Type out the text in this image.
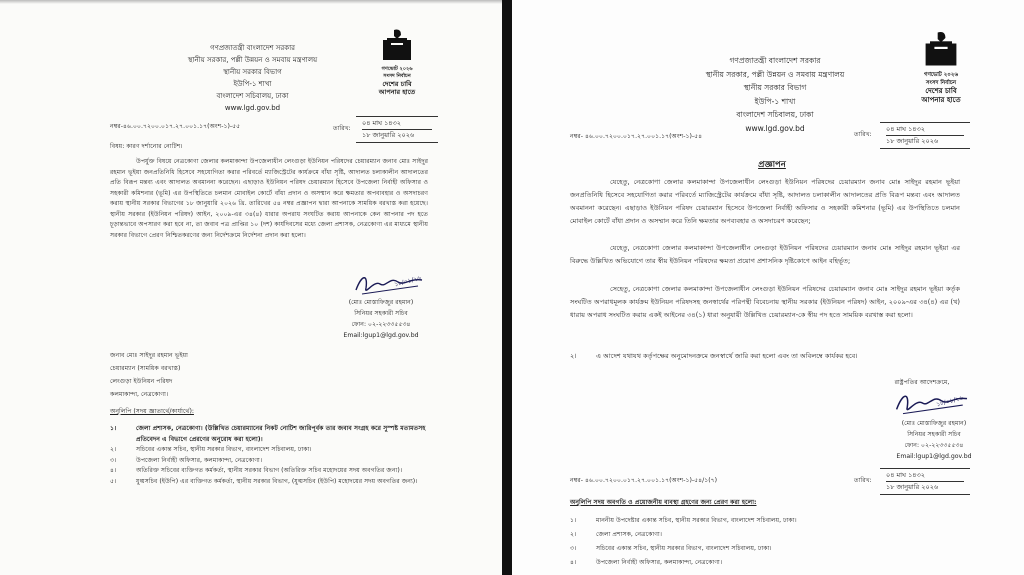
গণপ্রজাতন্ত্রী বাংলাদেশ সরকার
স্থানীয় সরকার, পল্লী উন্নয়ন ও সমবায় মন্ত্রণালয়
স্থানীয় সরকার বিভাগ
ইউপি-১ শাখা
বাংলাদেশ সচিবালয়, ঢাকা
www.lgd.gov.bd
গণভোট ২০২৬
সংসদ নির্বাচন
দেশের চাবি
আপনার হাতে
নম্বর-৪৬.০০.৭২০০.০১৭.২৭.০০১.১৭(অংশ-১)-৫৫	তারিখ:
০৪ মাঘ ১৪৩২
১৮ জানুয়ারি ২০২৬
বিষয়: কারণ দর্শানোর নোটিশ।
উপর্যুক্ত বিষয়ে নেত্রকোণা জেলার কলমাকান্দা উপজেলাধীন লেংগুড়া ইউনিয়ন পরিষদের চেয়ারম্যান জনাব মোঃ সাইদুর রহমান ভূইয়া জনপ্রতিনিধি হিসেবে সহযোগিতা করার পরিবর্তে ম্যাজিস্ট্রেটের কার্যক্রমে বাঁধা সৃষ্টি, আদালত চলাকালীন আদালতের প্রতি বিরূপ মন্তব্য এবং আদালত অবমাননা করেছেন। এছাড়াও ইউনিয়ন পরিষদ চেয়ারম্যান হিসেবে উপজেলা নির্বাহী অফিসার ও সহকারী কমিশনার (ভূমি) এর উপস্থিতিতে চলমান মোবাইল কোর্টে বাঁধা প্রদান ও অসম্মান করে ক্ষমতার অপব্যবহার ও অসদাচরণ করায় স্থানীয় সরকার বিভাগের ১৮ জানুয়ারি ২০২৬ খ্রি. তারিখের ৫৪ নম্বর প্রজ্ঞাপন দ্বারা আপনাকে সাময়িক বরখাস্ত করা হয়েছে। স্থানীয় সরকার (ইউনিয়ন পরিষদ) আইন, ২০০৯-এর ৩৪(৪) ধারার অপরাধ সংঘটিত করায় আপনাকে কেন আপনার পদ হতে চূড়ান্তভাবে অপসারণ করা হবে না, তা জবাব পত্র প্রাপ্তির ১০ (দশ) কার্যদিবসের মধ্যে জেলা প্রশাসক, নেত্রকোণা এর মাধ্যমে স্থানীয় সরকার বিভাগে প্রেরণ নিশ্চিতকরণের জন্য নির্দেশক্রমে নির্দেশনা প্রদান করা হলো।
১৮/০১/২৬
(মোঃ মোস্তাফিজুর রহমান)
সিনিয়র সহকারী সচিব
ফোন: ০২-২২৩৩৫৫৩৪
Email:lgup1@lgd.gov.bd
জনাব মোঃ সাইদুর রহমান ভূইয়া
চেয়ারম্যান (সাময়িক বরখাস্ত)
লেংগুড়া ইউনিয়ন পরিষদ
কলমাকান্দা, নেত্রকোণা।
অনুলিপি (সদয় জ্ঞাতার্থে/কার্যার্থে):
১।	জেলা প্রশাসক, নেত্রকোণা। (উল্লিখিত চেয়ারম্যানের নিকট নোটিশ জারিপূর্বক তার জবাব সংগ্রহ করে সুস্পষ্ট মতামতসহ প্রতিবেদন এ বিভাগে প্রেরণের অনুরোধ করা হলো)।
২।	সচিবের একান্ত সচিব, স্থানীয় সরকার বিভাগ, বাংলাদেশ সচিবালয়, ঢাকা।
৩।	উপজেলা নির্বাহী অফিসার, কলমাকান্দা, নেত্রকোণা।
৪।	অতিরিক্ত সচিবের ব্যক্তিগত কর্মকর্তা, স্থানীয় সরকার বিভাগ (অতিরিক্ত সচিব মহোদয়ের সদয় অবগতির জন্য)।
৫।	যুগ্মসচিব (ইউপি) এর ব্যক্তিগত কর্মকর্তা, স্থানীয় সরকার বিভাগ, (যুগ্মসচিব (ইউপি) মহোদয়ের সদয় অবগতির জন্য)।
গণপ্রজাতন্ত্রী বাংলাদেশ সরকার
স্থানীয় সরকার, পল্লী উন্নয়ন ও সমবায় মন্ত্রণালয়
স্থানীয় সরকার বিভাগ
ইউপি-১ শাখা
বাংলাদেশ সচিবালয়, ঢাকা
www.lgd.gov.bd
গণভোট ২০২৬
সংসদ নির্বাচন
দেশের চাবি
আপনার হাতে
নম্বর- ৪৬.০০.৭২০০.০১৭.২৭.০০১.১৭(অংশ-১)-৫৪	তারিখ:
০৪ মাঘ ১৪৩২
১৮ জানুয়ারি ২০২৬
প্রজ্ঞাপন
যেহেতু, নেত্রকোণা জেলার কলমাকান্দা উপজেলাধীন লেংগুড়া ইউনিয়ন পরিষদের চেয়ারম্যান জনাব মোঃ সাইদুর রহমান ভূইয়া জনপ্রতিনিধি হিসেবে সহযোগিতা করার পরিবর্তে ম্যাজিস্ট্রেটের কার্যক্রমে বাঁধা সৃষ্টি, আদালত চলাকালীন আদালতের প্রতি বিরূপ মন্তব্য এবং আদালত অবমাননা করেছেন। এছাড়াও ইউনিয়ন পরিষদ চেয়ারম্যান হিসেবে উপজেলা নির্বাহী অফিসার ও সহকারী কমিশনার (ভূমি) এর উপস্থিতিতে চলমান মোবাইল কোর্টে বাঁধা প্রদান ও অসম্মান করে তিনি ক্ষমতার অপব্যবহার ও অসদাচরণ করেছেন;
যেহেতু, নেত্রকোণা জেলার কলমাকান্দা উপজেলাধীন লেংগুড়া ইউনিয়ন পরিষদের চেয়ারম্যান জনাব মোঃ সাইদুর রহমান ভূইয়া এর বিরুদ্ধে উল্লিখিত অভিযোগে তার স্বীয় ইউনিয়ন পরিষদের ক্ষমতা প্রয়োগ প্রশাসনিক দৃষ্টিকোণে আইন বহির্ভূত;
সেহেতু, নেত্রকোণা জেলার কলমাকান্দা উপজেলাধীন লেংগুড়া ইউনিয়ন পরিষদের চেয়ারম্যান জনাব মোঃ সাইদুর রহমান ভূইয়া কর্তৃক সংঘটিত অপরাধমূলক কার্যক্রম ইউনিয়ন পরিষদসহ জনস্বার্থের পরিপন্থী বিবেচনায় স্থানীয় সরকার (ইউনিয়ন পরিষদ) আইন, ২০০৯-এর ৩৪(৪) এর (খ) ধারায় অপরাধ সংঘটিত করায় একই আইনের ৩৪(১) ধারা অনুযায়ী উল্লিখিত চেয়ারম্যান-কে স্বীয় পদ হতে সাময়িক বরখাস্ত করা হলো।
২।	এ আদেশ যথাযথ কর্তৃপক্ষের অনুমোদনক্রমে জনস্বার্থে জারি করা হলো এবং তা অবিলম্বে কার্যকর হবে।
রাষ্ট্রপতির আদেশক্রমে,
১৮/০১/২৬
(মোঃ মোস্তাফিজুর রহমান)
সিনিয়র সহকারী সচিব
ফোন: ০২-২২৩৩৫৫৩৪
Email:lgup1@lgd.gov.bd
নম্বর- ৪৬.০০.৭২০০.০১৭.২৭.০০১.১৭(অংশ-১)-৫৪/১(৭)	তারিখ:
০৪ মাঘ ১৪৩২
১৮ জানুয়ারি ২০২৬
অনুলিপি সদয় অবগতি ও প্রয়োজনীয় ব্যবস্থা গ্রহণের জন্য প্রেরণ করা হলো:
১।	মাননীয় উপদেষ্টার একান্ত সচিব, স্থানীয় সরকার বিভাগ, বাংলাদেশ সচিবালয়, ঢাকা।
২।	জেলা প্রশাসক, নেত্রকোণা।
৩।	সচিবের একান্ত সচিব, স্থানীয় সরকার বিভাগ, বাংলাদেশ সচিবালয়, ঢাকা।
৪।	উপজেলা নির্বাহী অফিসার, কলমাকান্দা, নেত্রকোণা।
